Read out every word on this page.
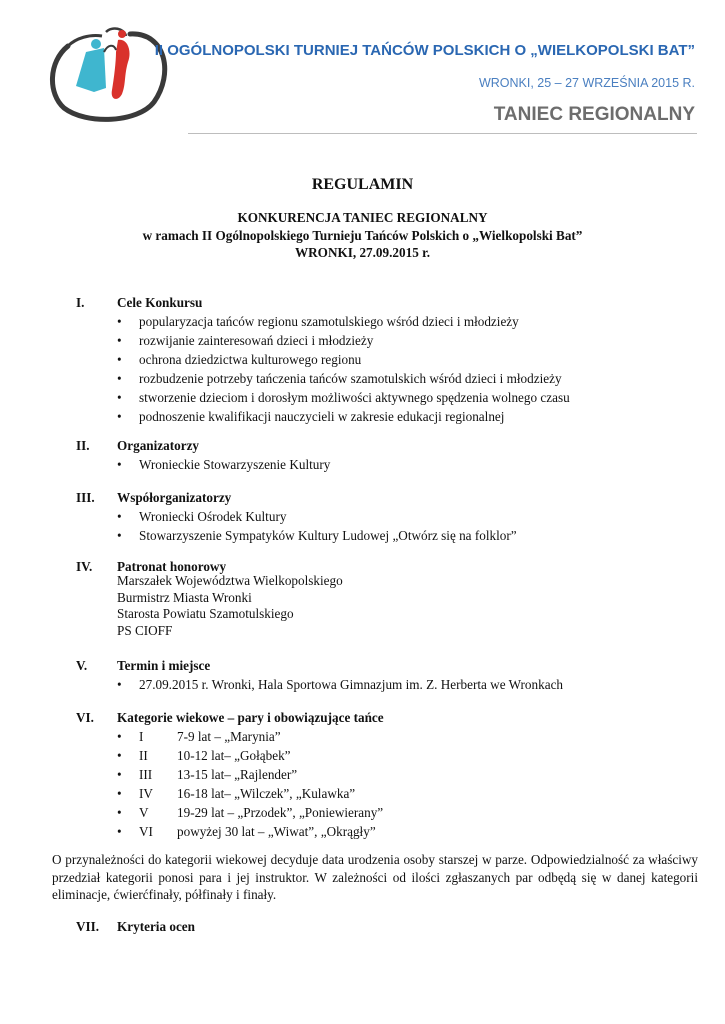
II OGÓLNOPOLSKI TURNIEJ TAŃCÓW POLSKICH O „WIELKOPOLSKI BAT”
WRONKI, 25 – 27 WRZEŚNIA 2015 R.
TANIEC REGIONALNY
REGULAMIN
KONKURENCJA TANIEC REGIONALNY
w ramach II Ogólnopolskiego Turnieju Tańców Polskich o „Wielkopolski Bat”
WRONKI, 27.09.2015 r.
I. Cele Konkursu
• popularyzacja tańców regionu szamotulskiego wśród dzieci i młodzieży
• rozwijanie zainteresowań dzieci i młodzieży
• ochrona dziedzictwa kulturowego regionu
• rozbudzenie potrzeby tańczenia tańców szamotulskich wśród dzieci i młodzieży
• stworzenie dzieciom i dorosłym możliwości aktywnego spędzenia wolnego czasu
• podnoszenie kwalifikacji nauczycieli w zakresie edukacji regionalnej
II. Organizatorzy
• Wronieckie Stowarzyszenie Kultury
III. Współorganizatorzy
• Wroniecki Ośrodek Kultury
• Stowarzyszenie Sympatyków Kultury Ludowej „Otwórz się na folklor”
IV. Patronat honorowy
Marszałek Województwa Wielkopolskiego
Burmistrz Miasta Wronki
Starosta Powiatu Szamotulskiego
PS CIOFF
V. Termin i miejsce
• 27.09.2015 r. Wronki, Hala Sportowa Gimnazjum im. Z. Herberta we Wronkach
VI. Kategorie wiekowe – pary i obowiązujące tańce
• I	7-9 lat – „Marynia”
• II 10-12 lat– „Gołąbek”
• III 13-15 lat– „Rajlender”
• IV 16-18 lat– „Wilczek”, „Kulawka”
• V 19-29 lat – „Przodek”, „Poniewierany”
• VI powyżej 30 lat – „Wiwat”, „Okrągły”
O przynależności do kategorii wiekowej decyduje data urodzenia osoby starszej w parze. Odpowiedzialność za właściwy przedział kategorii ponosi para i jej instruktor. W zależności od ilości zgłaszanych par odbędą się w danej kategorii eliminacje, ćwierćfinały, półfinały i finały.
VII. Kryteria ocen
